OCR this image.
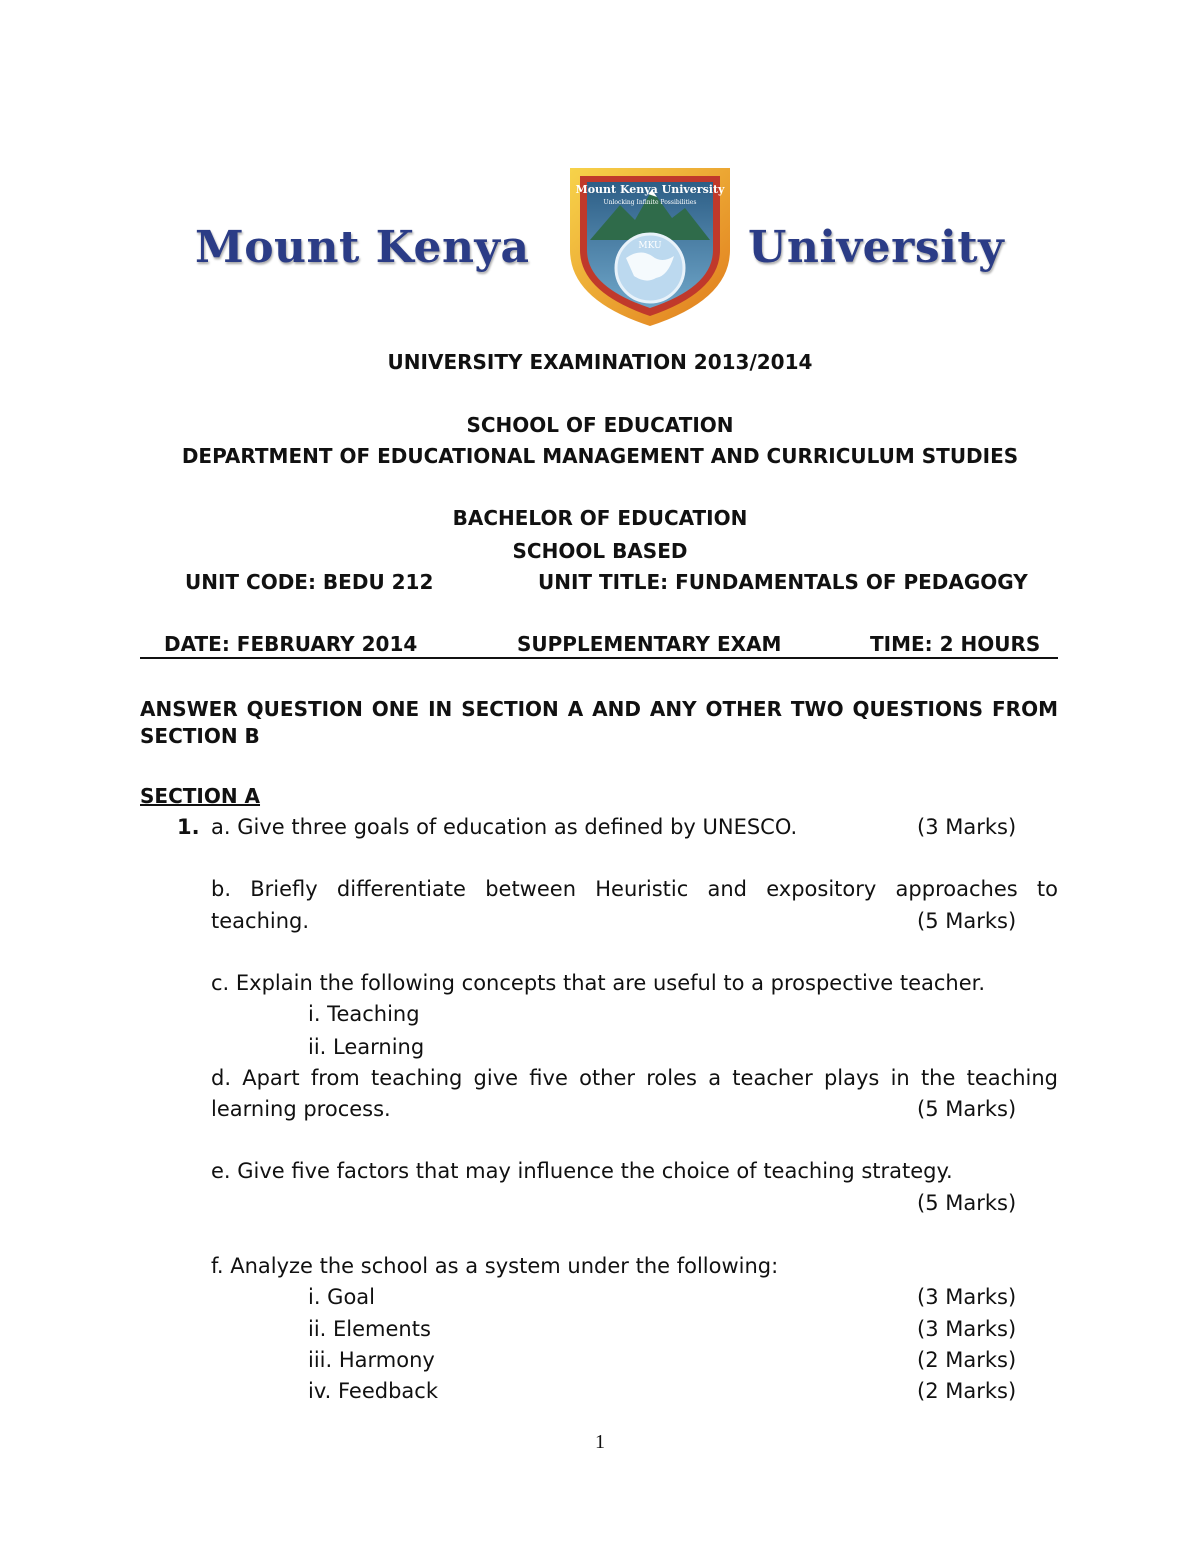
Mount Kenya	University
MKU
Mount Kenya University
Unlocking Infinite Possibilities
UNIVERSITY EXAMINATION 2013/2014
SCHOOL OF EDUCATION
DEPARTMENT OF EDUCATIONAL MANAGEMENT AND CURRICULUM STUDIES
BACHELOR OF EDUCATION
SCHOOL BASED
UNIT CODE: BEDU 212	UNIT TITLE: FUNDAMENTALS OF PEDAGOGY
DATE: FEBRUARY 2014	SUPPLEMENTARY EXAM	TIME: 2 HOURS
ANSWER QUESTION ONE IN SECTION A AND ANY OTHER TWO QUESTIONS FROM
SECTION B
SECTION A
1. a. Give three goals of education as defined by UNESCO.	(3 Marks)
b. Briefly differentiate between Heuristic and expository approaches to
teaching.	(5 Marks)
c. Explain the following concepts that are useful to a prospective teacher.
i. Teaching
ii. Learning
d. Apart from teaching give five other roles a teacher plays in the teaching
learning process.	(5 Marks)
e. Give five factors that may influence the choice of teaching strategy.
(5 Marks)
f. Analyze the school as a system under the following:
i. Goal	(3 Marks)
ii. Elements	(3 Marks)
iii. Harmony	(2 Marks)
iv. Feedback	(2 Marks)
1
